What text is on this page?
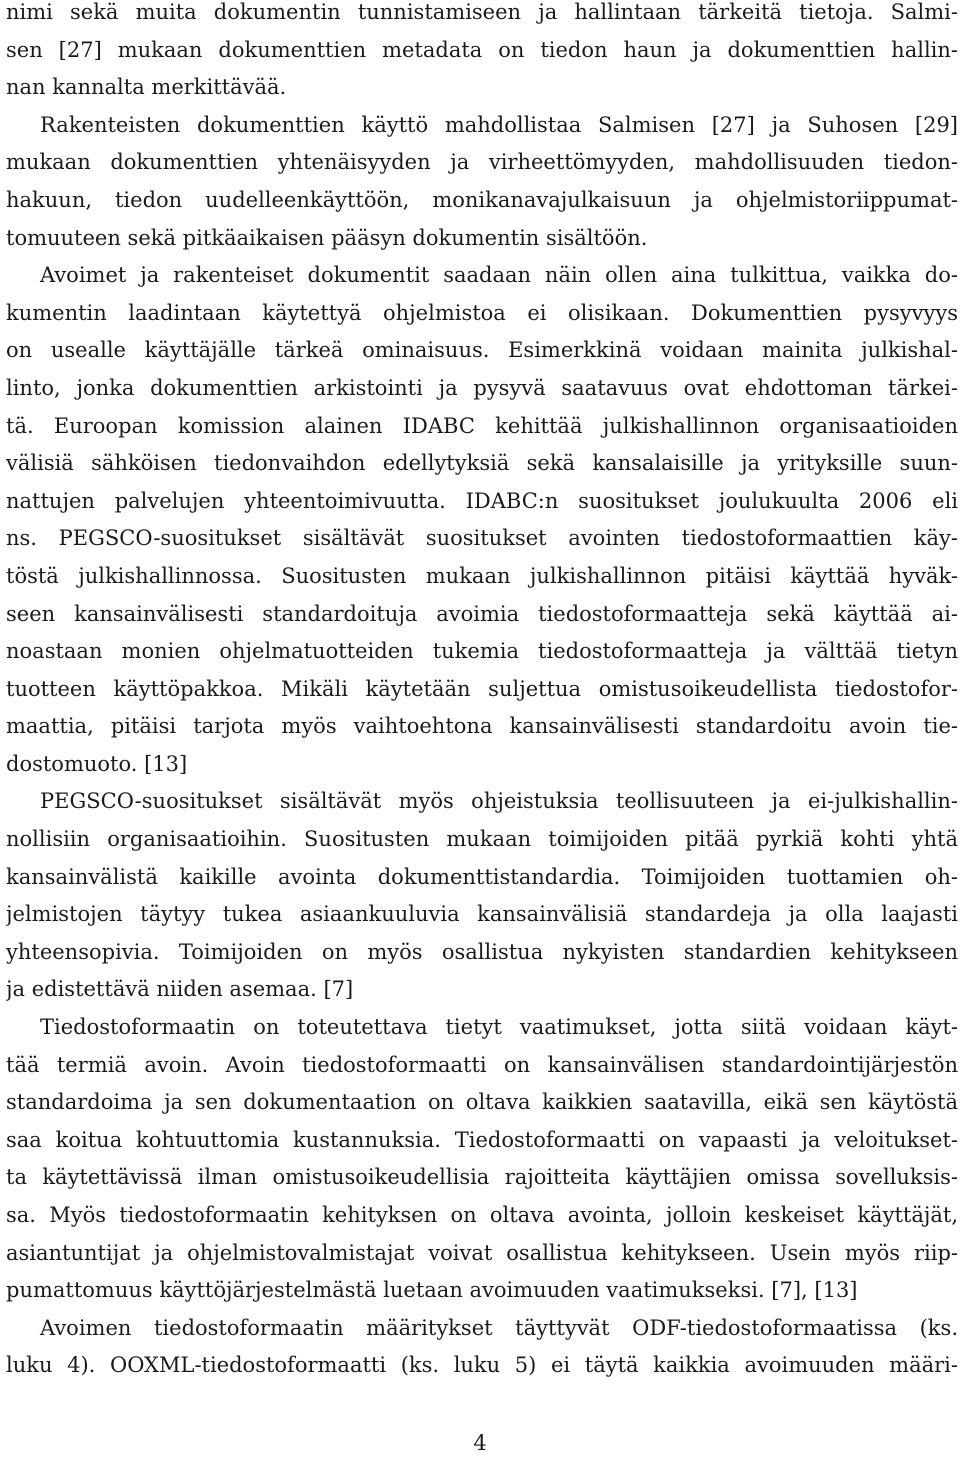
nimi sekä muita dokumentin tunnistamiseen ja hallintaan tärkeitä tietoja. Salmi-
sen [27] mukaan dokumenttien metadata on tiedon haun ja dokumenttien hallin-
nan kannalta merkittävää.
Rakenteisten dokumenttien käyttö mahdollistaa Salmisen [27] ja Suhosen [29]
mukaan dokumenttien yhtenäisyyden ja virheettömyyden, mahdollisuuden tiedon-
hakuun, tiedon uudelleenkäyttöön, monikanavajulkaisuun ja ohjelmistoriippumat-
tomuuteen sekä pitkäaikaisen pääsyn dokumentin sisältöön.
Avoimet ja rakenteiset dokumentit saadaan näin ollen aina tulkittua, vaikka do-
kumentin laadintaan käytettyä ohjelmistoa ei olisikaan. Dokumenttien pysyvyys
on usealle käyttäjälle tärkeä ominaisuus. Esimerkkinä voidaan mainita julkishal-
linto, jonka dokumenttien arkistointi ja pysyvä saatavuus ovat ehdottoman tärkei-
tä. Euroopan komission alainen IDABC kehittää julkishallinnon organisaatioiden
välisiä sähköisen tiedonvaihdon edellytyksiä sekä kansalaisille ja yrityksille suun-
nattujen palvelujen yhteentoimivuutta. IDABC:n suositukset joulukuulta 2006 eli
ns. PEGSCO-suositukset sisältävät suositukset avointen tiedostoformaattien käy-
töstä julkishallinnossa. Suositusten mukaan julkishallinnon pitäisi käyttää hyväk-
seen kansainvälisesti standardoituja avoimia tiedostoformaatteja sekä käyttää ai-
noastaan monien ohjelmatuotteiden tukemia tiedostoformaatteja ja välttää tietyn
tuotteen käyttöpakkoa. Mikäli käytetään suljettua omistusoikeudellista tiedostofor-
maattia, pitäisi tarjota myös vaihtoehtona kansainvälisesti standardoitu avoin tie-
dostomuoto. [13]
PEGSCO-suositukset sisältävät myös ohjeistuksia teollisuuteen ja ei-julkishallin-
nollisiin organisaatioihin. Suositusten mukaan toimijoiden pitää pyrkiä kohti yhtä
kansainvälistä kaikille avointa dokumenttistandardia. Toimijoiden tuottamien oh-
jelmistojen täytyy tukea asiaankuuluvia kansainvälisiä standardeja ja olla laajasti
yhteensopivia. Toimijoiden on myös osallistua nykyisten standardien kehitykseen
ja edistettävä niiden asemaa. [7]
Tiedostoformaatin on toteutettava tietyt vaatimukset, jotta siitä voidaan käyt-
tää termiä avoin. Avoin tiedostoformaatti on kansainvälisen standardointijärjestön
standardoima ja sen dokumentaation on oltava kaikkien saatavilla, eikä sen käytöstä
saa koitua kohtuuttomia kustannuksia. Tiedostoformaatti on vapaasti ja veloitukset-
ta käytettävissä ilman omistusoikeudellisia rajoitteita käyttäjien omissa sovelluksis-
sa. Myös tiedostoformaatin kehityksen on oltava avointa, jolloin keskeiset käyttäjät,
asiantuntijat ja ohjelmistovalmistajat voivat osallistua kehitykseen. Usein myös riip-
pumattomuus käyttöjärjestelmästä luetaan avoimuuden vaatimukseksi. [7], [13]
Avoimen tiedostoformaatin määritykset täyttyvät ODF-tiedostoformaatissa (ks.
luku 4). OOXML-tiedostoformaatti (ks. luku 5) ei täytä kaikkia avoimuuden määri-
4
